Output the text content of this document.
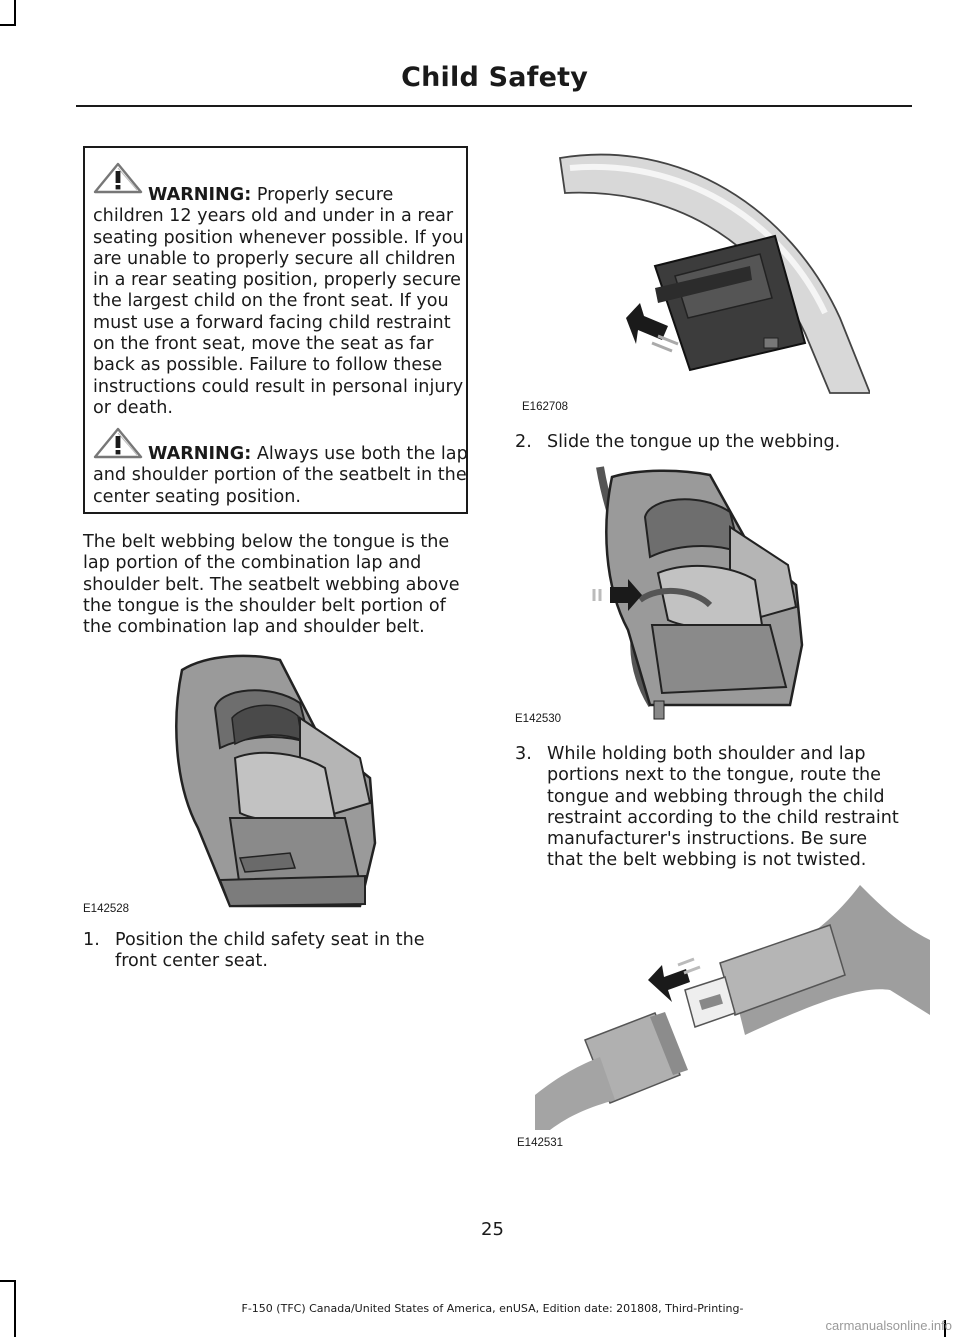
Child Safety
WARNING: Properly secure children 12 years old and under in a rear seating position whenever possible. If you are unable to properly secure all children in a rear seating position, properly secure the largest child on the front seat. If you must use a forward facing child restraint on the front seat, move the seat as far back as possible. Failure to follow these instructions could result in personal injury or death.
WARNING: Always use both the lap and shoulder portion of the seatbelt in the center seating position.
The belt webbing below the tongue is the lap portion of the combination lap and shoulder belt. The seatbelt webbing above the tongue is the shoulder belt portion of the combination lap and shoulder belt.
E142528
1. Position the child safety seat in the
front center seat.
E162708
2. Slide the tongue up the webbing.
E142530
3. While holding both shoulder and lap
portions next to the tongue, route the
tongue and webbing through the child
restraint according to the child restraint
manufacturer's instructions. Be sure
that the belt webbing is not twisted.
E142531
25
F-150 (TFC) Canada/United States of America, enUSA, Edition date: 201808, Third-Printing-
carmanualsonline.info
